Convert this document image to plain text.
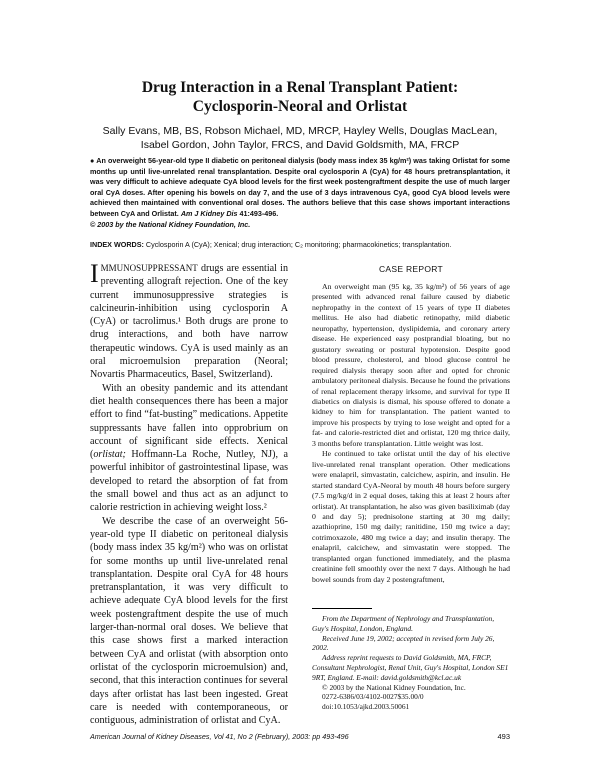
Drug Interaction in a Renal Transplant Patient:
Cyclosporin-Neoral and Orlistat
Sally Evans, MB, BS, Robson Michael, MD, MRCP, Hayley Wells, Douglas MacLean,
Isabel Gordon, John Taylor, FRCS, and David Goldsmith, MA, FRCP
● An overweight 56-year-old type II diabetic on peritoneal dialysis (body mass index 35 kg/m²) was taking Orlistat for some months up until live-unrelated renal transplantation. Despite oral cyclosporin A (CyA) for 48 hours pretransplantation, it was very difficult to achieve adequate CyA blood levels for the first week postengraftment despite the use of much larger oral CyA doses. After opening his bowels on day 7, and the use of 3 days intravenous CyA, good CyA blood levels were achieved then maintained with conventional oral doses. The authors believe that this case shows important interactions between CyA and Orlistat. Am J Kidney Dis 41:493-496.
© 2003 by the National Kidney Foundation, Inc.
INDEX WORDS: Cyclosporin A (CyA); Xenical; drug interaction; C₂ monitoring; pharmacokinetics; transplantation.

IMMUNOSUPPRESSANT drugs are essential in preventing allograft rejection. One of the key current immunosuppressive strategies is calcineurin-inhibition using cyclosporin A (CyA) or tacrolimus.¹ Both drugs are prone to drug interactions, and both have narrow therapeutic windows. CyA is used mainly as an oral microemulsion preparation (Neoral; Novartis Pharmaceutics, Basel, Switzerland).

With an obesity pandemic and its attendant diet health consequences there has been a major effort to find “fat-busting” medications. Appetite suppressants have fallen into opprobrium on account of significant side effects. Xenical (orlistat; Hoffmann-La Roche, Nutley, NJ), a powerful inhibitor of gastrointestinal lipase, was developed to retard the absorption of fat from the small bowel and thus act as an adjunct to calorie restriction in achieving weight loss.²

We describe the case of an overweight 56-year-old type II diabetic on peritoneal dialysis (body mass index 35 kg/m²) who was on orlistat for some months up until live-unrelated renal transplantation. Despite oral CyA for 48 hours pretransplantation, it was very difficult to achieve adequate CyA blood levels for the first week postengraftment despite the use of much larger-than-normal oral doses. We believe that this case shows first a marked interaction between CyA and orlistat (with absorption onto orlistat of the cyclosporin microemulsion) and, second, that this interaction continues for several days after orlistat has last been ingested. Great care is needed with contemporaneous, or contiguous, administration of orlistat and CyA.

CASE REPORT

An overweight man (95 kg, 35 kg/m²) of 56 years of age presented with advanced renal failure caused by diabetic nephropathy in the context of 15 years of type II diabetes mellitus. He also had diabetic retinopathy, mild diabetic neuropathy, hypertension, dyslipidemia, and coronary artery disease. He experienced easy postprandial bloating, but no gustatory sweating or postural hypotension. Despite good blood pressure, cholesterol, and blood glucose control he required dialysis therapy soon after and opted for chronic ambulatory peritoneal dialysis. Because he found the privations of renal replacement therapy irksome, and survival for type II diabetics on dialysis is dismal, his spouse offered to donate a kidney to him for transplantation. The patient wanted to improve his prospects by trying to lose weight and opted for a fat- and calorie-restricted diet and orlistat, 120 mg thrice daily, 3 months before transplantation. Little weight was lost.

He continued to take orlistat until the day of his elective live-unrelated renal transplant operation. Other medications were enalapril, simvastatin, calcichew, aspirin, and insulin. He started standard CyA-Neoral by mouth 48 hours before surgery (7.5 mg/kg/d in 2 equal doses, taking this at least 2 hours after orlistat). At transplantation, he also was given basiliximab (day 0 and day 5); prednisolone starting at 30 mg daily; azathioprine, 150 mg daily; ranitidine, 150 mg twice a day; cotrimoxazole, 480 mg twice a day; and insulin therapy. The enalapril, calcichew, and simvastatin were stopped. The transplanted organ functioned immediately, and the plasma creatinine fell smoothly over the next 7 days. Although he had bowel sounds from day 2 postengraftment,

From the Department of Nephrology and Transplantation, Guy's Hospital, London, England.

Received June 19, 2002; accepted in revised form July 26, 2002.

Address reprint requests to David Goldsmith, MA, FRCP, Consultant Nephrologist, Renal Unit, Guy's Hospital, London SE1 9RT, England. E-mail: david.goldsmith@kcl.ac.uk

© 2003 by the National Kidney Foundation, Inc.

0272-6386/03/4102-0027$35.00/0

doi:10.1053/ajkd.2003.50061

American Journal of Kidney Diseases, Vol 41, No 2 (February), 2003: pp 493-496	493
